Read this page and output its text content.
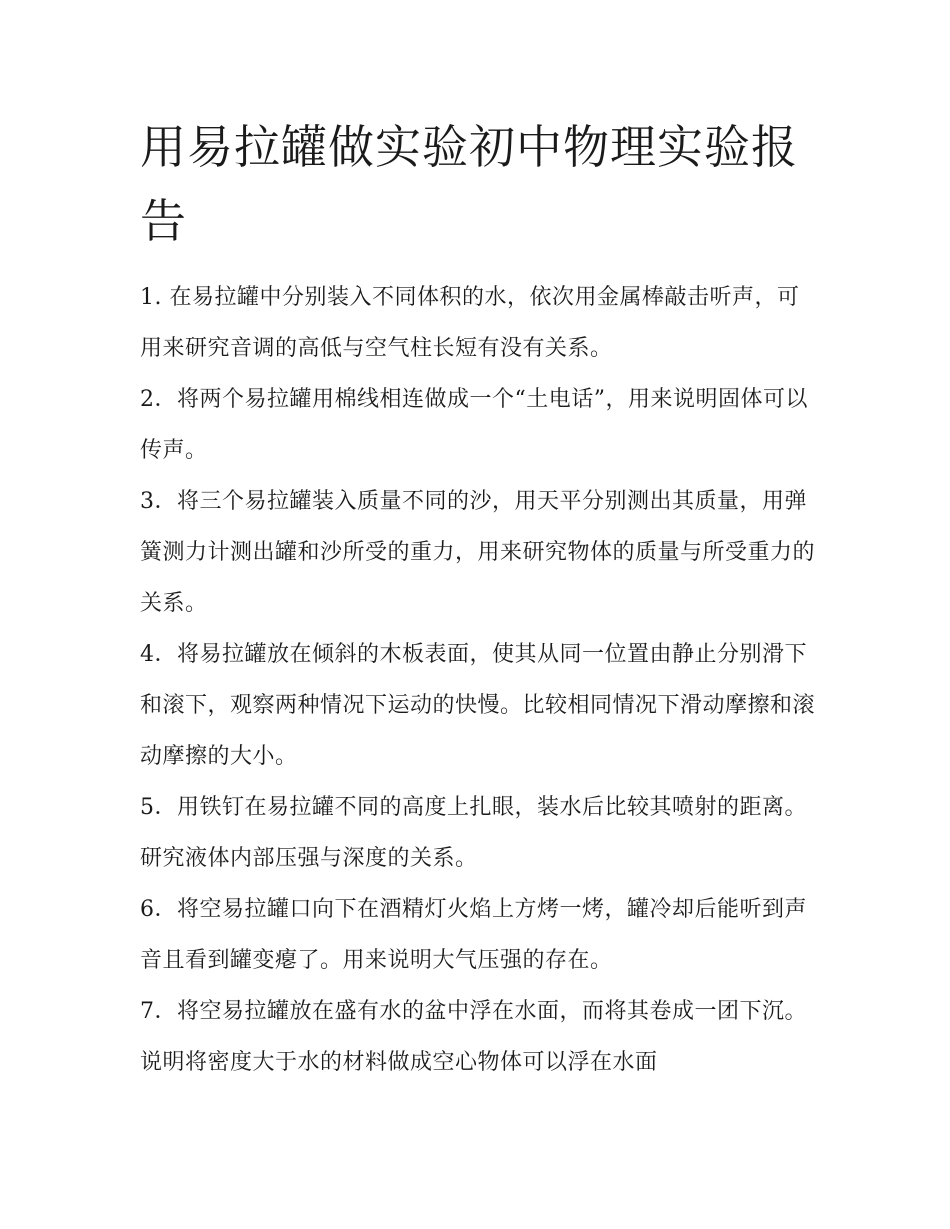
用易拉罐做实验初中物理实验报告

1. 在易拉罐中分别装入不同体积的水，依次用金属棒敲击听声，可用来研究音调的高低与空气柱长短有没有关系。

2．将两个易拉罐用棉线相连做成一个“土电话”，用来说明固体可以传声。

3．将三个易拉罐装入质量不同的沙，用天平分别测出其质量，用弹簧测力计测出罐和沙所受的重力，用来研究物体的质量与所受重力的关系。

4．将易拉罐放在倾斜的木板表面，使其从同一位置由静止分别滑下和滚下，观察两种情况下运动的快慢。比较相同情况下滑动摩擦和滚动摩擦的大小。

5．用铁钉在易拉罐不同的高度上扎眼，装水后比较其喷射的距离。研究液体内部压强与深度的关系。

6．将空易拉罐口向下在酒精灯火焰上方烤一烤，罐冷却后能听到声音且看到罐变瘪了。用来说明大气压强的存在。

7．将空易拉罐放在盛有水的盆中浮在水面，而将其卷成一团下沉。说明将密度大于水的材料做成空心物体可以浮在水面
